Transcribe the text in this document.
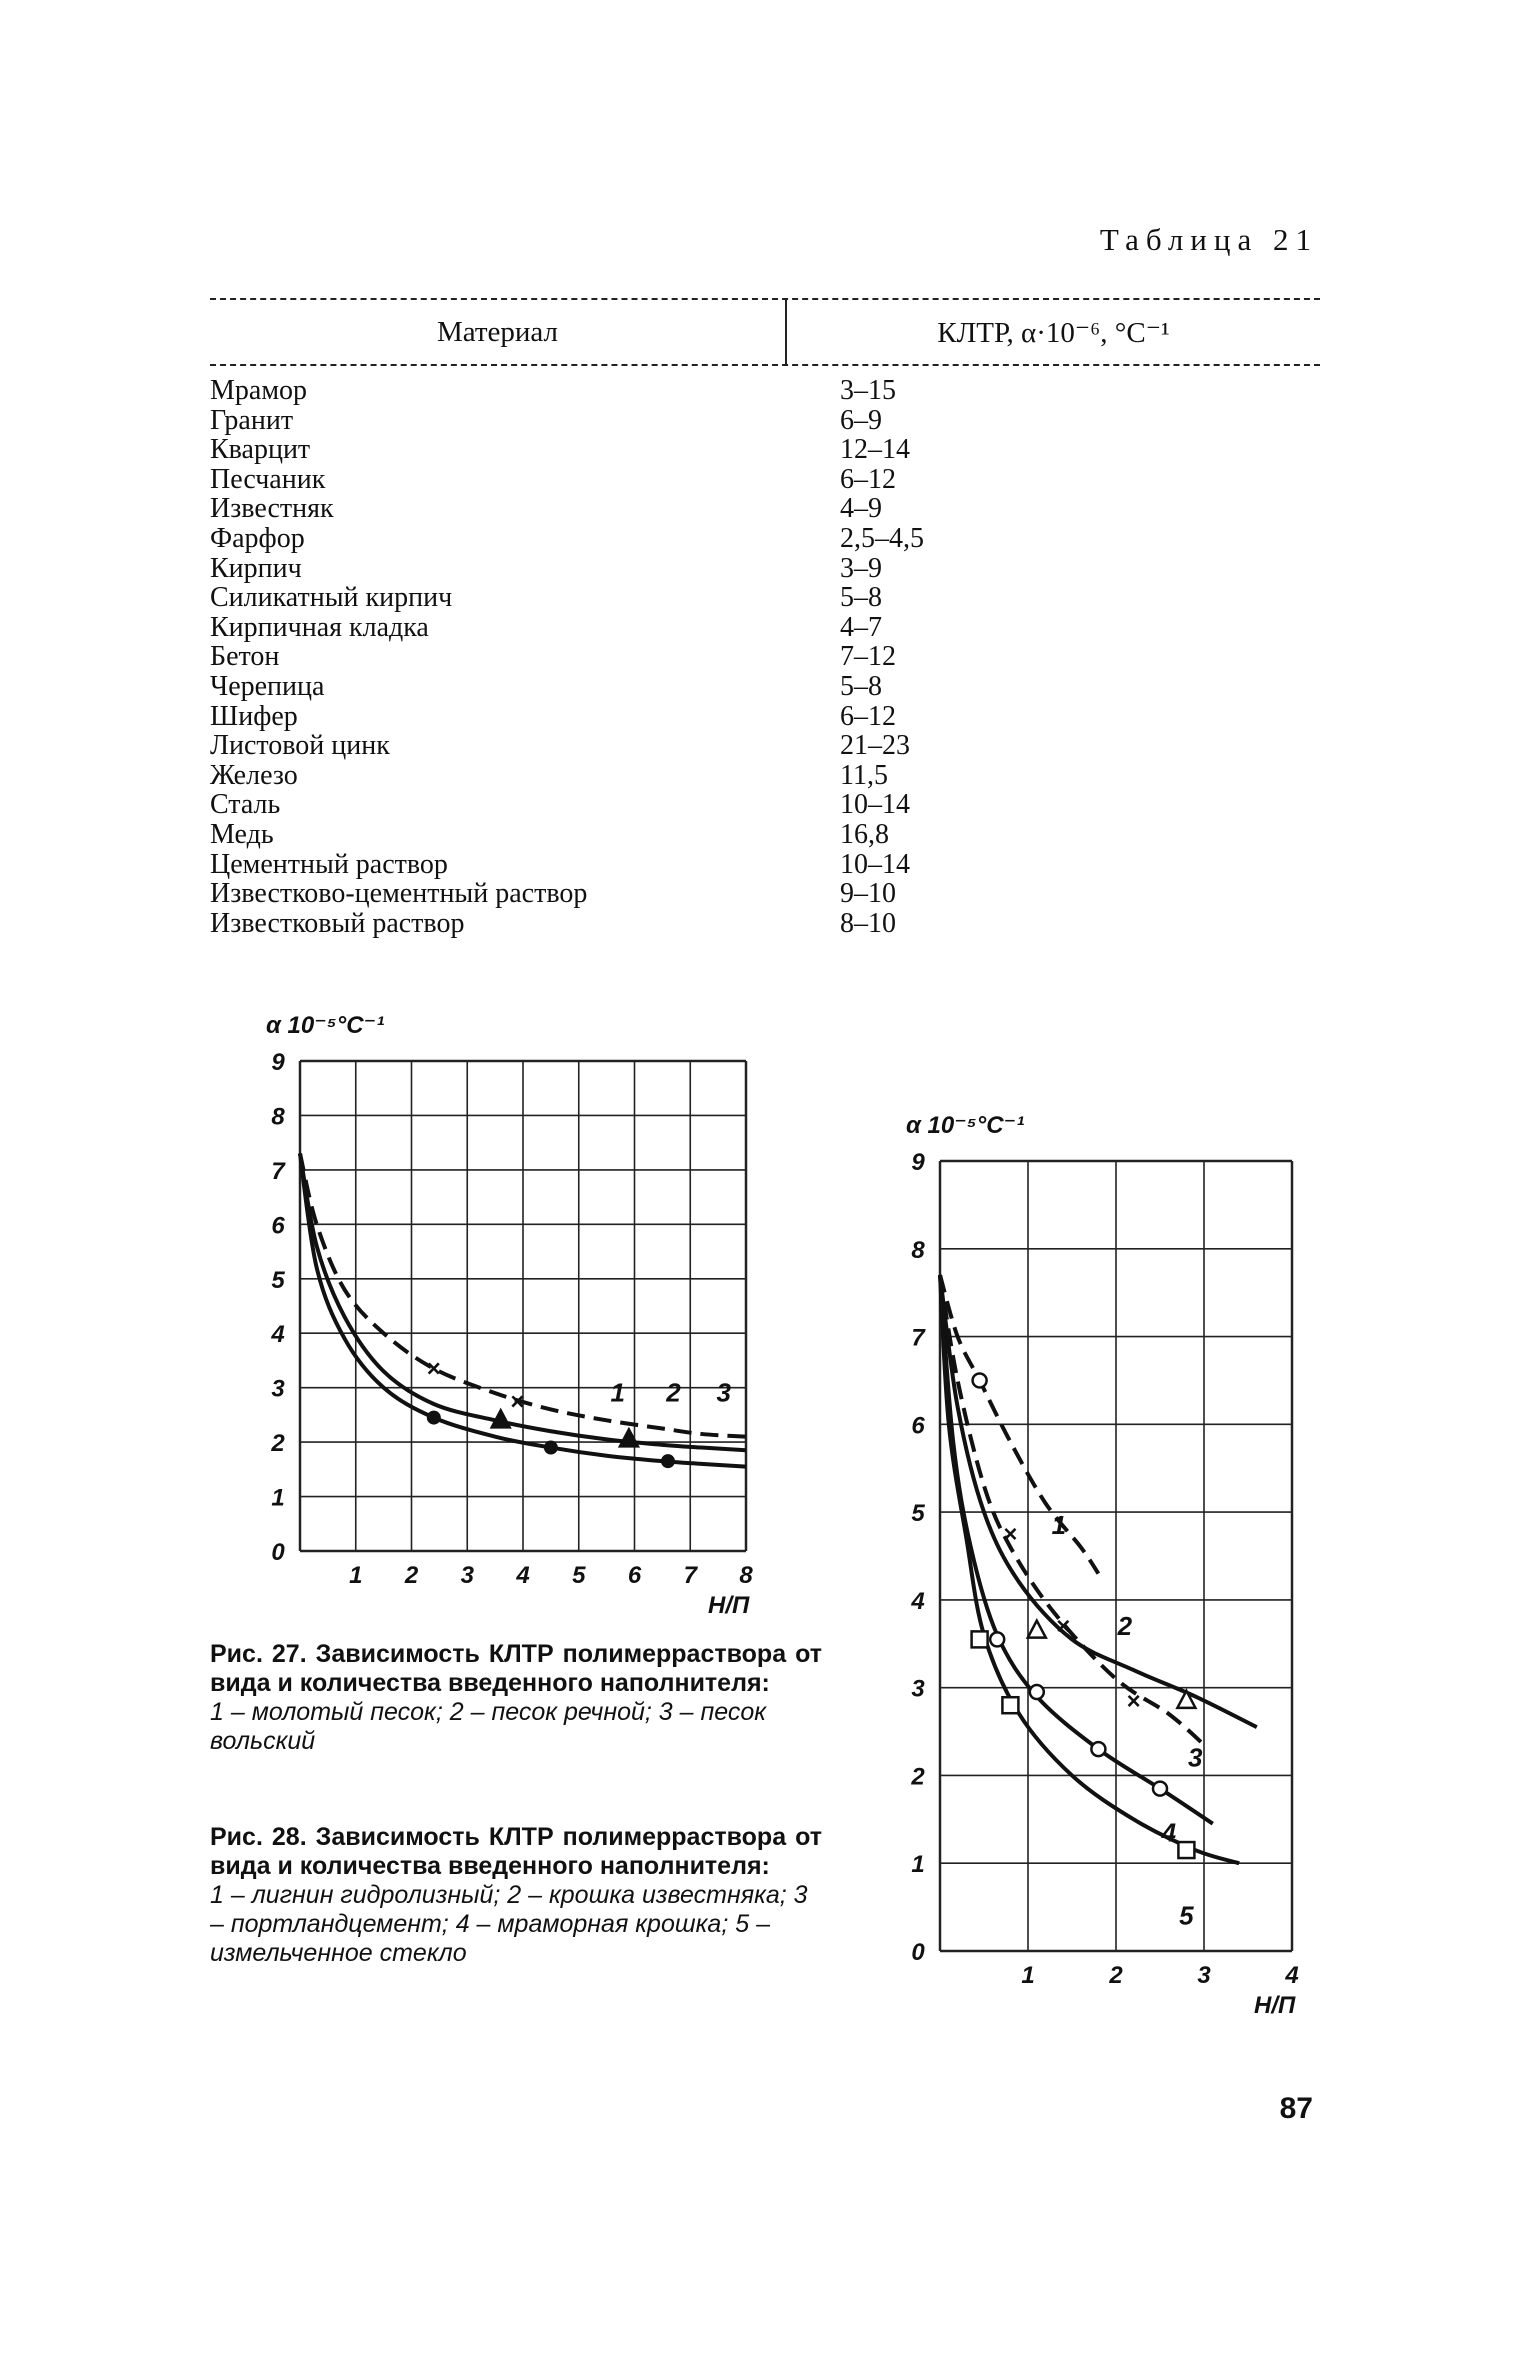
Таблица 21
Материал	КЛТР, α·10⁻⁶, °С⁻¹
Мрамор	3–15
Гранит	6–9
Кварцит	12–14
Песчаник	6–12
Известняк	4–9
Фарфор	2,5–4,5
Кирпич	3–9
Силикатный кирпич	5–8
Кирпичная кладка	4–7
Бетон	7–12
Черепица	5–8
Шифер	6–12
Листовой цинк	21–23
Железо	11,5
Сталь	10–14
Медь	16,8
Цементный раствор	10–14
Известково-цементный раствор	9–10
Известковый раствор	8–10
0
1
2
3
4
5
6
7
8
9
1 2 3 4 5 6 7 8
α 10⁻⁵°С⁻¹
Н/П
×
×	1 2 3
Рис. 27. Зависимость КЛТР полимерраствора от вида и количества введенного наполнителя:
1 – молотый песок; 2 – песок речной; 3 – песок вольский
Рис. 28. Зависимость КЛТР полимерраствора от вида и количества введенного наполнителя:
1 – лигнин гидролизный; 2 – крошка известняка; 3 – портландцемент; 4 – мраморная крошка; 5 – измельченное стекло	0
1
2
3
4
5
6
7
8
9
1	2	3	4
α 10⁻⁵°С⁻¹
Н/П
×
×
×
1
2
3
4
5
87
